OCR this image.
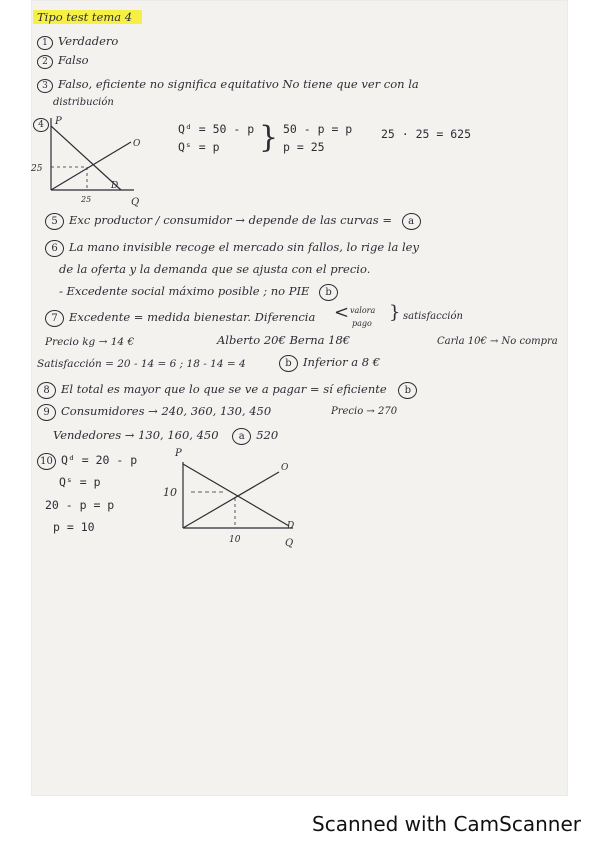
Tipo test tema 4
1 Verdadero
2 Falso
3 Falso, eficiente no significa equitativo No tiene que ver con la
distribución
4	P
O
D
25
25	Q
Qᵈ = 50 - p
Qˢ = p } 50 - p = p
p = 25
25 · 25 = 625
5 Exc productor / consumidor → depende de las curvas = a
6 La mano invisible recoge el mercado sin fallos, lo rige la ley
de la oferta y la demanda que se ajusta con el precio.
- Excedente social máximo posible ; no PIE b
7 Excedente = medida bienestar. Diferencia < valora
pago
} satisfacción
Precio kg → 14 €	Alberto 20€ Berna 18€	Carla 10€ → No compra
Satisfacción = 20 - 14 = 6 ; 18 - 14 = 4	b Inferior a 8 €
8 El total es mayor que lo que se ve a pagar = sí eficiente b
9 Consumidores → 240, 360, 130, 450	Precio → 270
Vendedores → 130, 160, 450 a 520
10 Qᵈ = 20 - p
Qˢ = p
20 - p = p
p = 10
P
O
D
10
10	Q
Scanned with CamScanner
